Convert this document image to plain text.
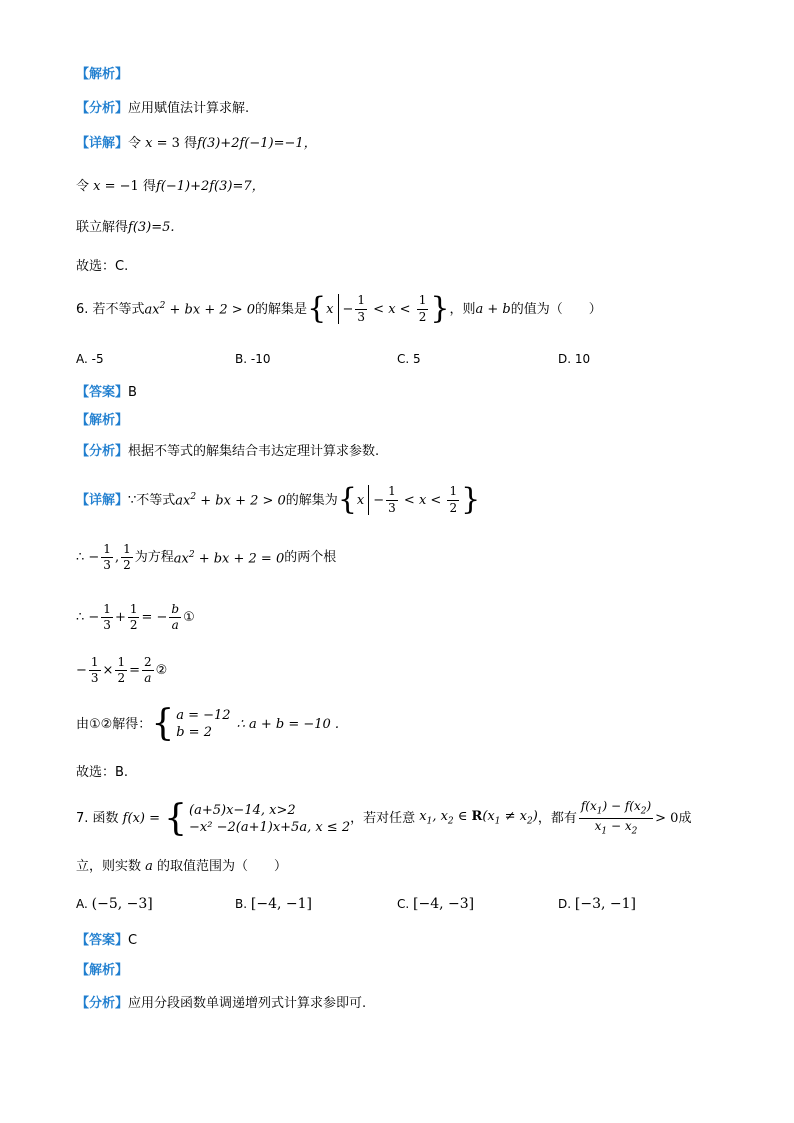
【解析】
【分析】 应用赋值法计算求解.
【详解】 令 x = 3 得 f(3)+2f(−1)=−1，
令 x = −1 得 f(−1)+2f(3)=7，
联立解得 f(3)=5.
故选：C.
6. 若不等式 $ax^2$ + bx + 2 > 0 的解集是 { $x - \frac{1}{3} < x < \frac{1}{2}$ } ，则 a + b 的值为（　　）
A.
-5	B.
-10	C.
5	D.
10
【答案】 B
【解析】
【分析】 根据不等式的解集结合韦达定理计算求参数.
【详解】 ∵不等式 $ax^2$ + bx + 2 > 0 的解集为 { $x - \frac{1}{3} < x < \frac{1}{2}$ }
∴ − $\frac{1}{3}$ , $\frac{1}{2}$ 为方程 $ax^2$ + bx + 2 = 0 的两个根
∴ − $\frac{1}{3} + \frac{1}{2}$ = − $\frac{b}{a}$ ①
− $\frac{1}{3} \times \frac{1}{2} = \frac{2}{a}$ ②
由①②解得： { a = −12
b = 2
∴ a + b = −10 .
故选：B.
7. 函数 f(x) = { (a+5)x−14, x>2
−x² −2(a+1)x+5a, x ≤ 2
，若对任意 $x_1$, $x_2$ ∈ $R(x_1 \ne x_2)$ ，都有 $\frac{f(x_1) - f(x_2)}{x_1 - x_2} > 0$ 成
立，则实数 a 的取值范围为（　　）
A.
(−5, −3]	B.
[−4, −1]	C.
[−4, −3]	D.
[−3, −1]
【答案】 C
【解析】
【分析】 应用分段函数单调递增列式计算求参即可.
